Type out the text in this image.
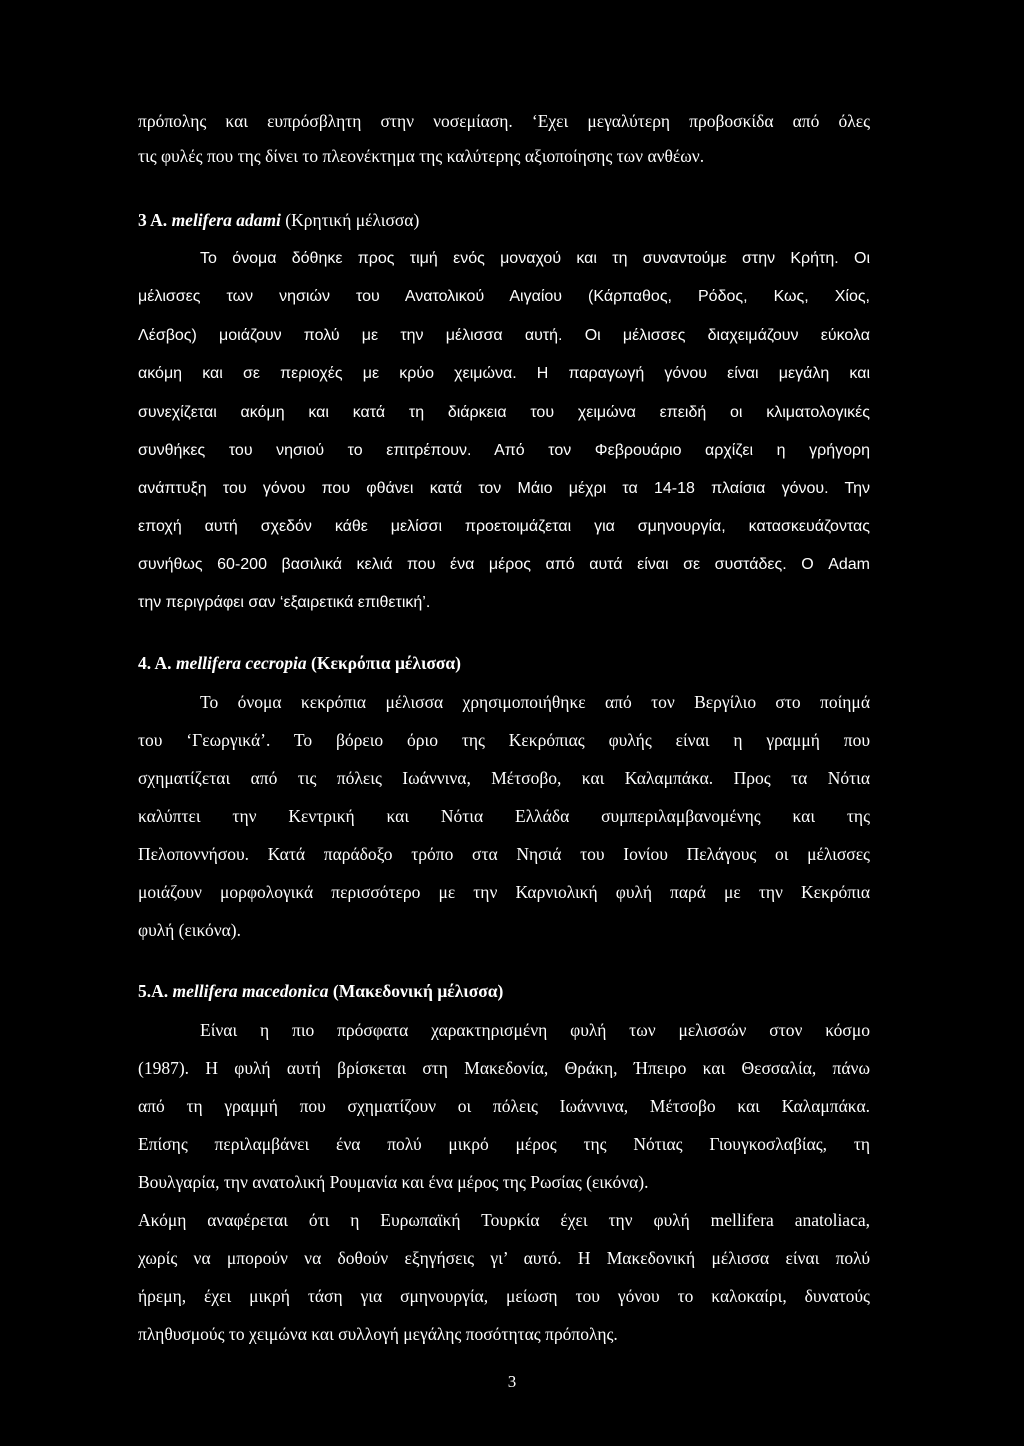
πρόπολης και ευπρόσβλητη στην νοσεμίαση. ‘Εχει μεγαλύτερη προβοσκίδα από όλες
τις φυλές που της δίνει το πλεονέκτημα της καλύτερης αξιοποίησης των ανθέων.
3 Α. melifera adami (Κρητική μέλισσα)
Το όνομα δόθηκε προς τιμή ενός μοναχού και τη συναντούμε στην Κρήτη. Οι
μέλισσες των νησιών του Ανατολικού Αιγαίου (Κάρπαθος, Ρόδος, Κως, Χίος,
Λέσβος) μοιάζουν πολύ με την μέλισσα αυτή. Οι μέλισσες διαχειμάζουν εύκολα
ακόμη και σε περιοχές με κρύο χειμώνα. Η παραγωγή γόνου είναι μεγάλη και
συνεχίζεται ακόμη και κατά τη διάρκεια του χειμώνα επειδή οι κλιματολογικές
συνθήκες του νησιού το επιτρέπουν. Από τον Φεβρουάριο αρχίζει η γρήγορη
ανάπτυξη του γόνου που φθάνει κατά τον Μάιο μέχρι τα 14-18 πλαίσια γόνου. Την
εποχή αυτή σχεδόν κάθε μελίσσι προετοιμάζεται για σμηνουργία, κατασκευάζοντας
συνήθως 60-200 βασιλικά κελιά που ένα μέρος από αυτά είναι σε συστάδες. Ο Adam
την περιγράφει σαν ‘εξαιρετικά επιθετική’.
4. Α. mellifera cecropia (Κεκρόπια μέλισσα)
Το όνομα κεκρόπια μέλισσα χρησιμοποιήθηκε από τον Βεργίλιο στο ποίημά
του ‘Γεωργικά’. Το βόρειο όριο της Κεκρόπιας φυλής είναι η γραμμή που
σχηματίζεται από τις πόλεις Ιωάννινα, Μέτσοβο, και Καλαμπάκα. Προς τα Νότια
καλύπτει την Κεντρική και Νότια Ελλάδα συμπεριλαμβανομένης και της
Πελοποννήσου. Κατά παράδοξο τρόπο στα Νησιά του Ιονίου Πελάγους οι μέλισσες
μοιάζουν μορφολογικά περισσότερο με την Καρνιολική φυλή παρά με την Κεκρόπια
φυλή (εικόνα).
5.Α. mellifera macedonica (Μακεδονική μέλισσα)
Είναι η πιο πρόσφατα χαρακτηρισμένη φυλή των μελισσών στον κόσμο
(1987). Η φυλή αυτή βρίσκεται στη Μακεδονία, Θράκη, Ήπειρο και Θεσσαλία, πάνω
από τη γραμμή που σχηματίζουν οι πόλεις Ιωάννινα, Μέτσοβο και Καλαμπάκα.
Επίσης περιλαμβάνει ένα πολύ μικρό μέρος της Νότιας Γιουγκοσλαβίας, τη
Βουλγαρία, την ανατολική Ρουμανία και ένα μέρος της Ρωσίας (εικόνα).
Ακόμη αναφέρεται ότι η Ευρωπαϊκή Τουρκία έχει την φυλή mellifera anatoliaca,
χωρίς να μπορούν να δοθούν εξηγήσεις γι’ αυτό. Η Μακεδονική μέλισσα είναι πολύ
ήρεμη, έχει μικρή τάση για σμηνουργία, μείωση του γόνου το καλοκαίρι, δυνατούς
πληθυσμούς το χειμώνα και συλλογή μεγάλης ποσότητας πρόπολης.
3
